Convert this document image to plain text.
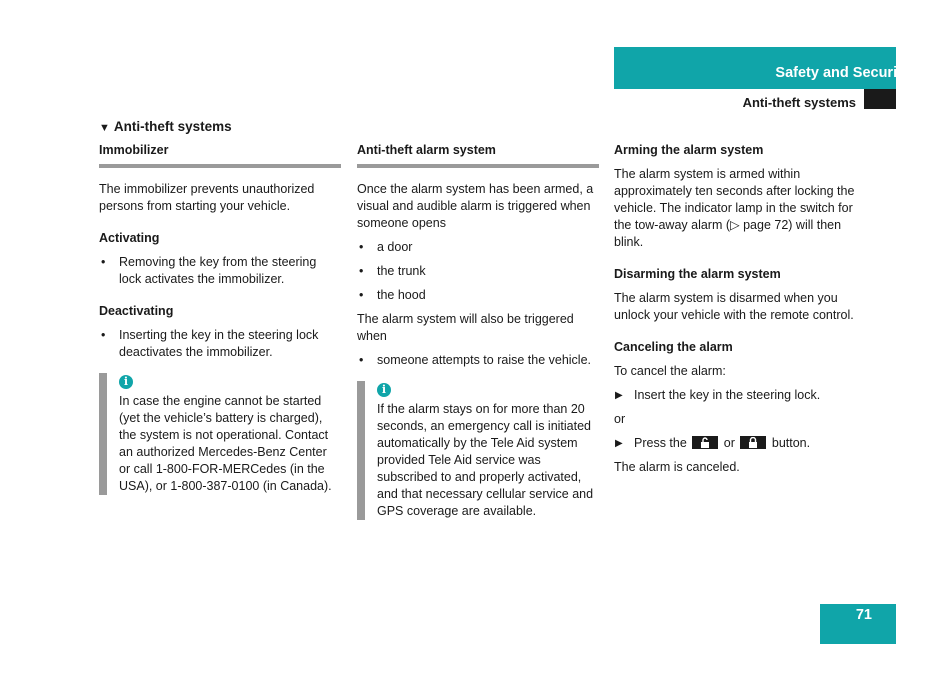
Safety and Security
Anti-theft systems
▼ Anti-theft systems

Immobilizer

The immobilizer prevents unauthorized persons from starting your vehicle.

Activating

• Removing the key from the steering lock activates the immobilizer.

Deactivating

• Inserting the key in the steering lock deactivates the immobilizer.

i

In case the engine cannot be started (yet the vehicle’s battery is charged), the system is not operational. Contact an authorized Mercedes-Benz Center or call 1-800-FOR-MERCedes (in the USA), or 1-800-387-0100 (in Canada).

Anti-theft alarm system

Once the alarm system has been armed, a visual and audible alarm is triggered when someone opens

• a door

• the trunk

• the hood

The alarm system will also be triggered when

• someone attempts to raise the vehicle.

i

If the alarm stays on for more than 20 seconds, an emergency call is initiated automatically by the Tele Aid system provided Tele Aid service was subscribed to and properly activated, and that necessary cellular service and GPS coverage are available.

Arming the alarm system

The alarm system is armed within approximately ten seconds after locking the vehicle. The indicator lamp in the switch for the tow-away alarm (▷ page 72) will then blink.

Disarming the alarm system

The alarm system is disarmed when you unlock your vehicle with the remote control.

Canceling the alarm

To cancel the alarm:

▶ Insert the key in the steering lock.

or

▶ Press the	or	button.

The alarm is canceled.

71
